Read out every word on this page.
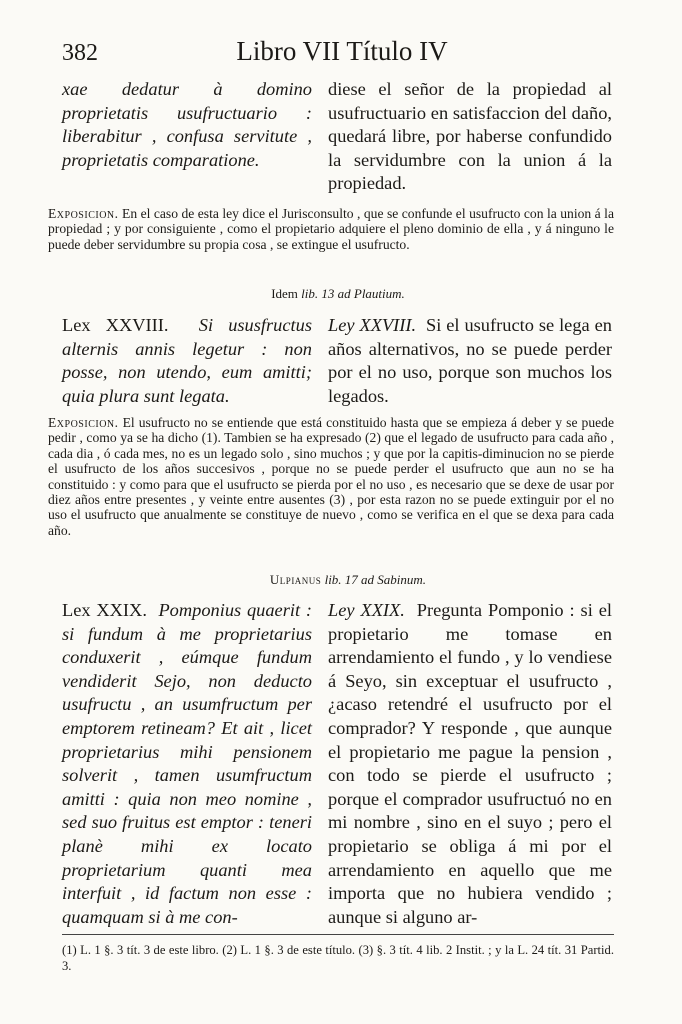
382	Libro VII Título IV

xae dedatur à domino proprietatis usufructuario : liberabitur , confusa servitute , proprietatis comparatione.

diese el señor de la propiedad al usufructuario en satisfaccion del daño, quedará libre, por haberse confundido la servidumbre con la union á la propiedad.

Exposicion. En el caso de esta ley dice el Jurisconsulto , que se confunde el usufructo con la union á la propiedad ; y por consiguiente , como el propietario adquiere el pleno dominio de ella , y á ninguno le puede deber servidumbre su propia cosa , se extingue el usufructo.

Idem lib. 13 ad Plautium.

Lex XXVIII. Si ususfructus alternis annis legetur : non posse, non utendo, eum amitti; quia plura sunt legata.

Ley XXVIII. Si el usufructo se lega en años alternativos, no se puede perder por el no uso, porque son muchos los legados.

Exposicion. El usufructo no se entiende que está constituido hasta que se empieza á deber y se puede pedir , como ya se ha dicho (1). Tambien se ha expresado (2) que el legado de usufructo para cada año , cada dia , ó cada mes, no es un legado solo , sino muchos ; y que por la capitis-diminucion no se pierde el usufructo de los años succesivos , porque no se puede perder el usufructo que aun no se ha constituido : y como para que el usufructo se pierda por el no uso , es necesario que se dexe de usar por diez años entre presentes , y veinte entre ausentes (3) , por esta razon no se puede extinguir por el no uso el usufructo que anualmente se constituye de nuevo , como se verifica en el que se dexa para cada año.

Ulpianus lib. 17 ad Sabinum.

Lex XXIX. Pomponius quaerit : si fundum à me proprietarius conduxerit , eúmque fundum vendiderit Sejo, non deducto usufructu , an usumfructum per emptorem retineam? Et ait , licet proprietarius mihi pensionem solverit , tamen usumfructum amitti : quia non meo nomine , sed suo fruitus est emptor : teneri planè mihi ex locato proprietarium quanti mea interfuit , id factum non esse : quamquam si à me con-

Ley XXIX. Pregunta Pomponio : si el propietario me tomase en arrendamiento el fundo , y lo vendiese á Seyo, sin exceptuar el usufructo , ¿acaso retendré el usufructo por el comprador? Y responde , que aunque el propietario me pague la pension , con todo se pierde el usufructo ; porque el comprador usufructuó no en mi nombre , sino en el suyo ; pero el propietario se obliga á mi por el arrendamiento en aquello que me importa que no hubiera vendido ; aunque si alguno ar-

(1) L. 1 §. 3 tít. 3 de este libro. (2) L. 1 §. 3 de este título. (3) §. 3 tít. 4 lib. 2 Instit. ; y la L. 24 tít. 31 Partid. 3.
